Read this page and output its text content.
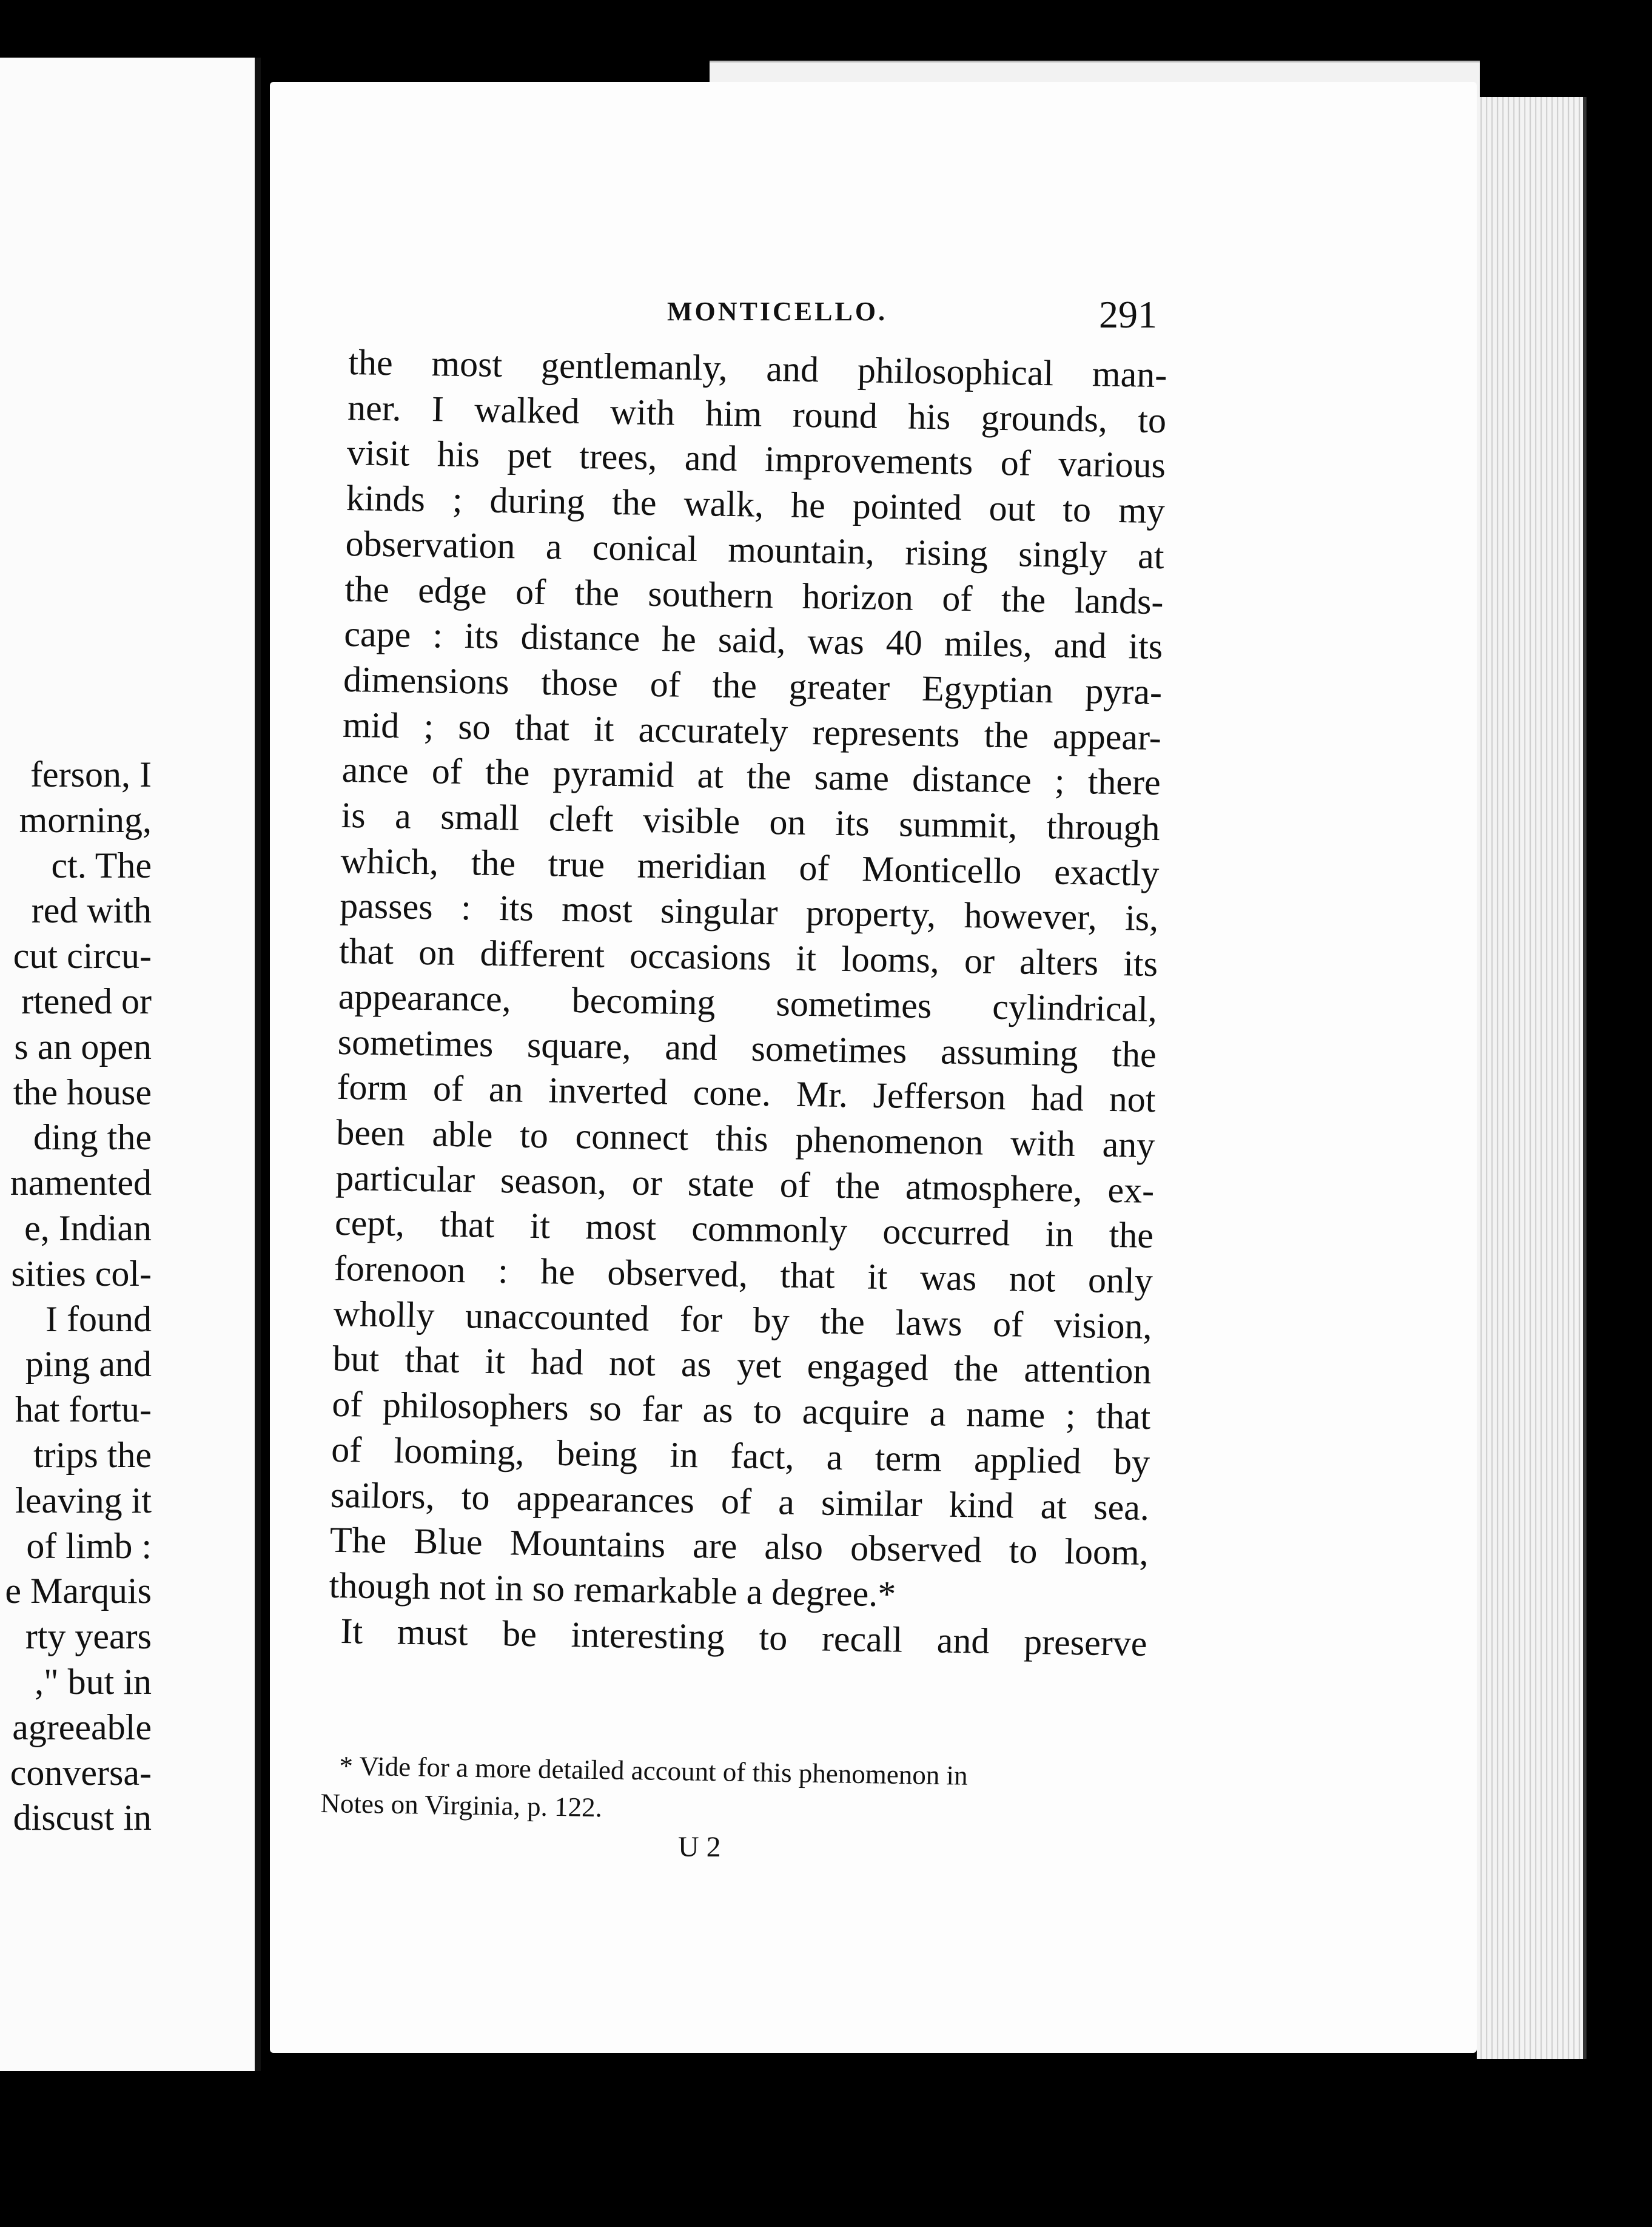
ferson, I
morning,
ct. The
red with
cut circu-
rtened or
s an open
the house
ding the
namented
e, Indian
sities col-
I found
ping and
hat fortu-
trips the
leaving it
of limb :
e Marquis
rty years
," but in
agreeable
conversa-
discust in
MONTICELLO.	291
the most gentlemanly, and philosophical man-
ner. I walked with him round his grounds, to
visit his pet trees, and improvements of various
kinds ; during the walk, he pointed out to my
observation a conical mountain, rising singly at
the edge of the southern horizon of the lands-
cape : its distance he said, was 40 miles, and its
dimensions those of the greater Egyptian pyra-
mid ; so that it accurately represents the appear-
ance of the pyramid at the same distance ; there
is a small cleft visible on its summit, through
which, the true meridian of Monticello exactly
passes : its most singular property, however, is,
that on different occasions it looms, or alters its
appearance, becoming sometimes cylindrical,
sometimes square, and sometimes assuming the
form of an inverted cone. Mr. Jefferson had not
been able to connect this phenomenon with any
particular season, or state of the atmosphere, ex-
cept, that it most commonly occurred in the
forenoon : he observed, that it was not only
wholly unaccounted for by the laws of vision,
but that it had not as yet engaged the attention
of philosophers so far as to acquire a name ; that
of looming, being in fact, a term applied by
sailors, to appearances of a similar kind at sea.
The Blue Mountains are also observed to loom,
though not in so remarkable a degree.*
It must be interesting to recall and preserve
* Vide for a more detailed account of this phenomenon in
Notes on Virginia, p. 122.
U 2
